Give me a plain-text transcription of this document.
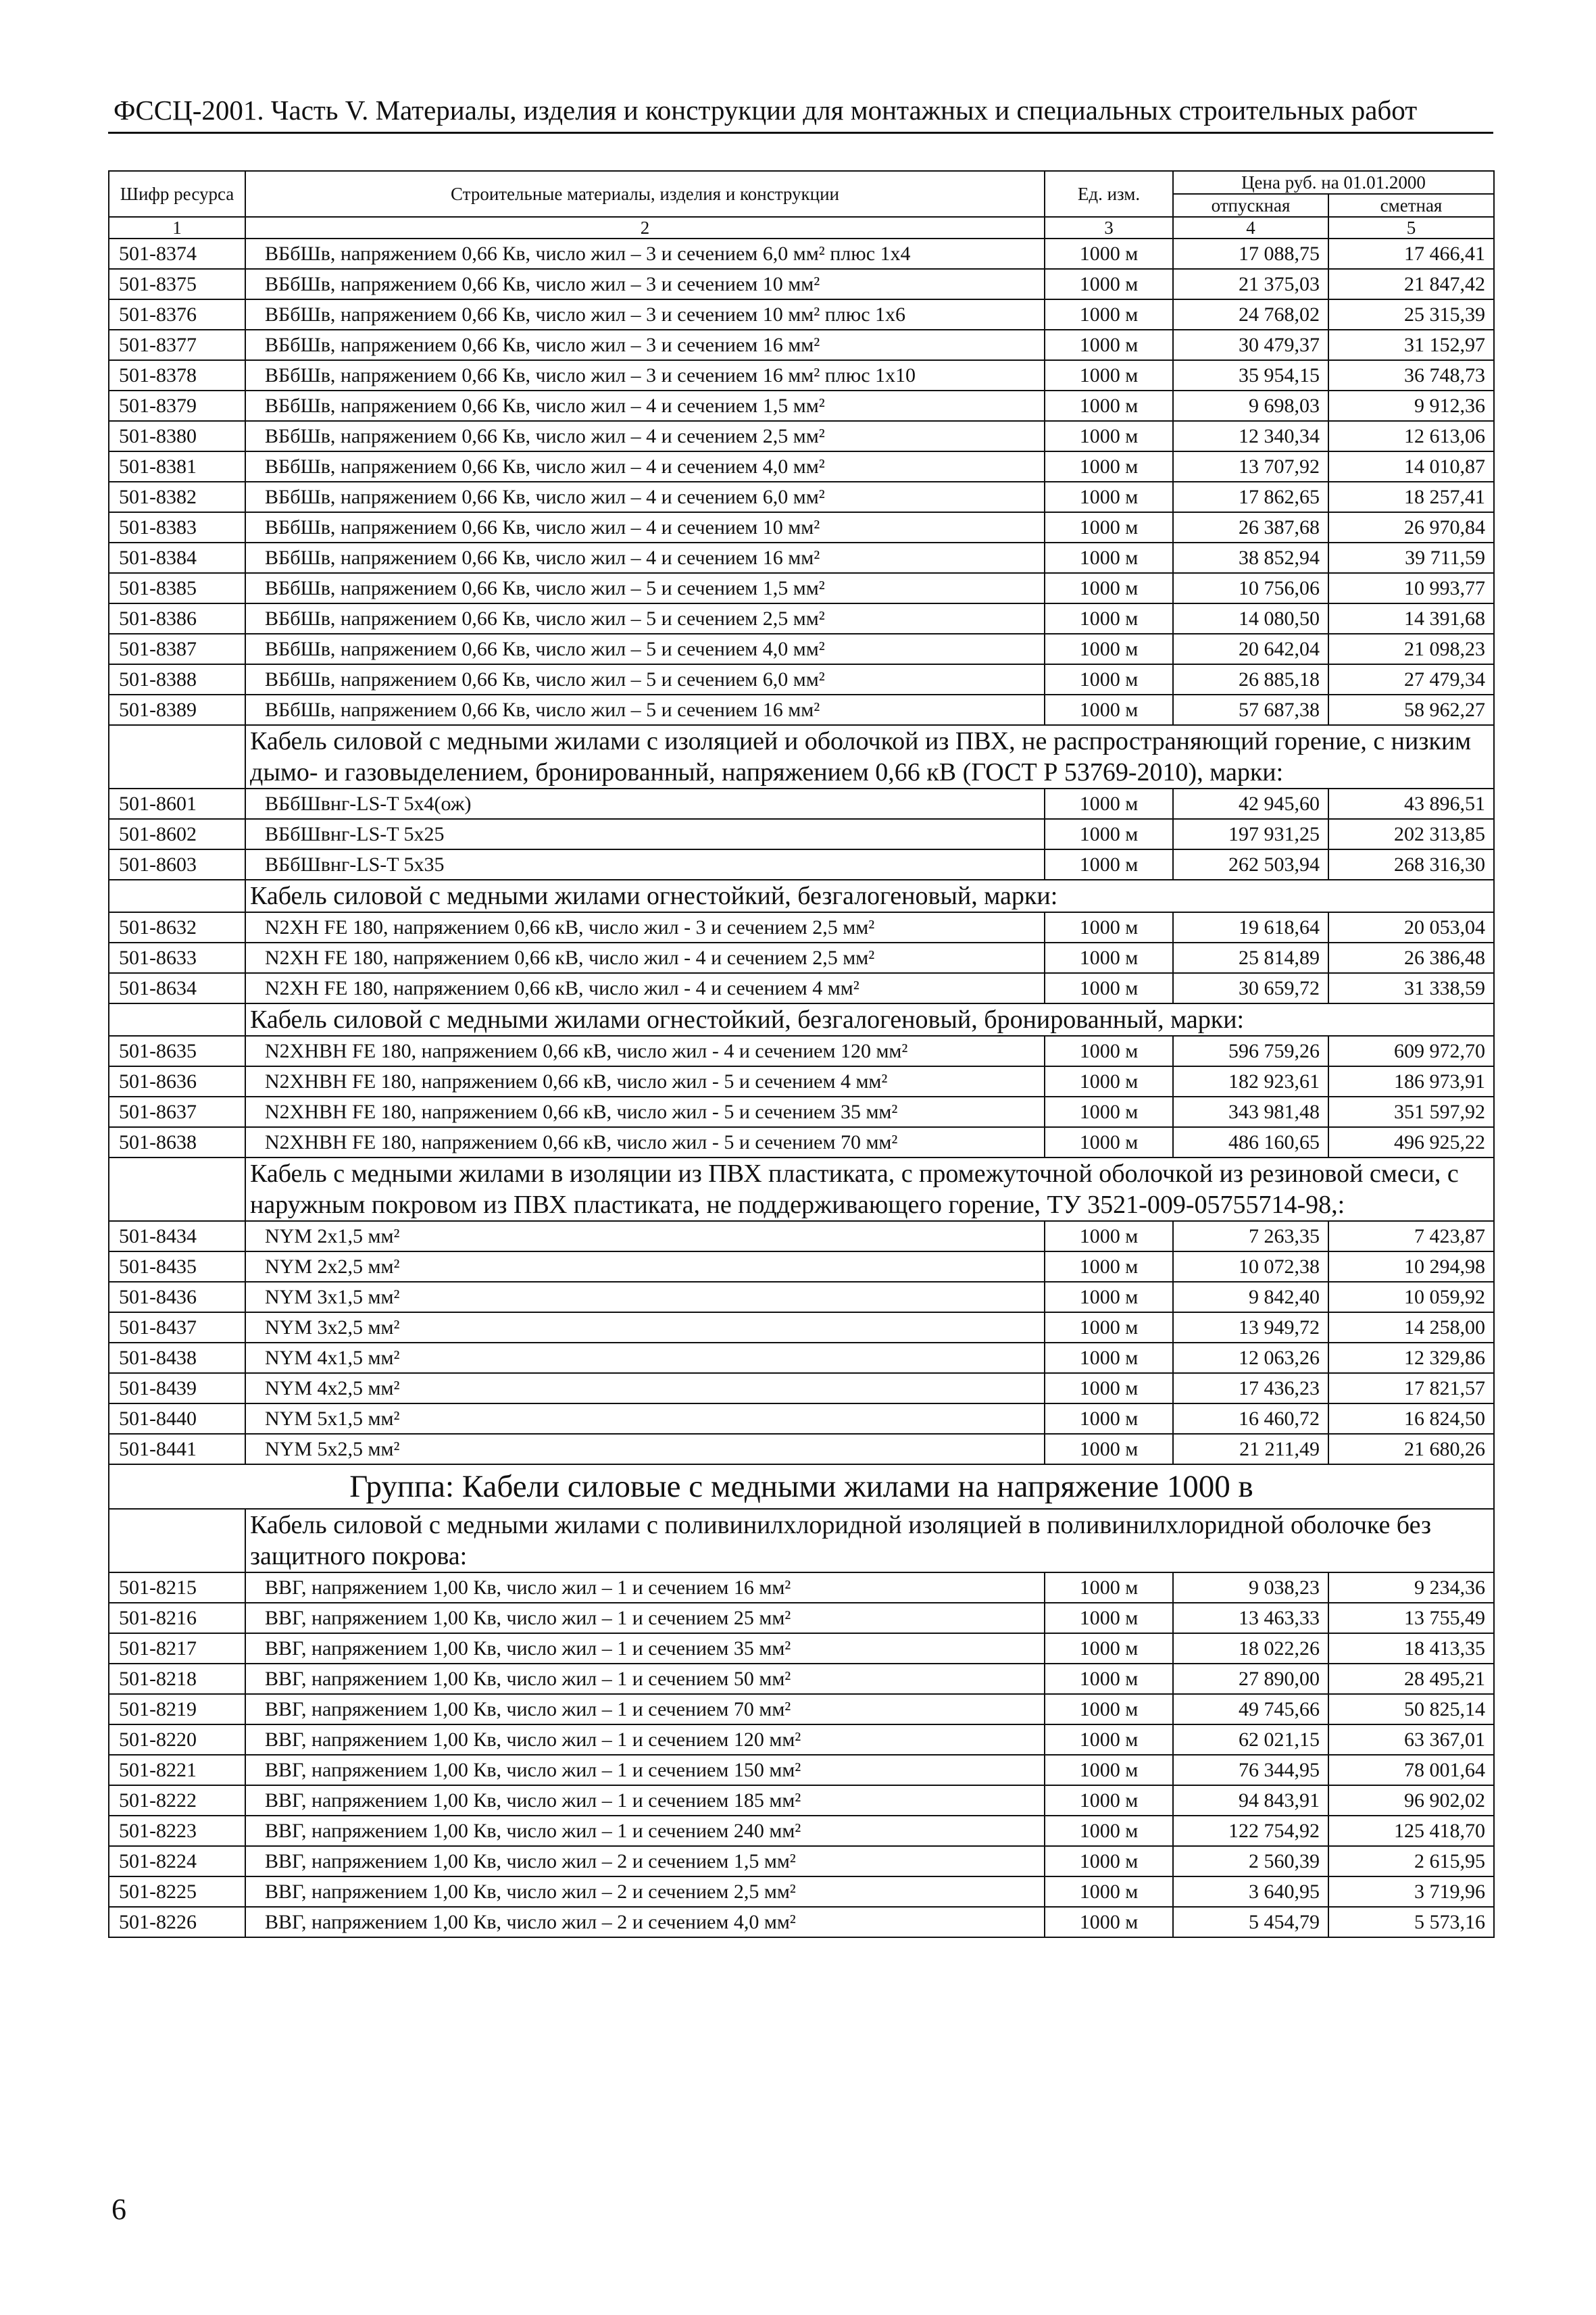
ФССЦ-2001. Часть V. Материалы, изделия и конструкции для монтажных и специальных строительных работ
Шифр ресурса	Строительные материалы, изделия и конструкции	Ед. изм.	Цена руб. на 01.01.2000	
			отпускная	сметная
1	2	3	4	5
501-8374	ВБбШв, напряжением 0,66 Кв, число жил – 3 и сечением 6,0 мм² плюс 1х4	1000 м	17 088,75	17 466,41
501-8375	ВБбШв, напряжением 0,66 Кв, число жил – 3 и сечением 10 мм²	1000 м	21 375,03	21 847,42
501-8376	ВБбШв, напряжением 0,66 Кв, число жил – 3 и сечением 10 мм² плюс 1х6	1000 м	24 768,02	25 315,39
501-8377	ВБбШв, напряжением 0,66 Кв, число жил – 3 и сечением 16 мм²	1000 м	30 479,37	31 152,97
501-8378	ВБбШв, напряжением 0,66 Кв, число жил – 3 и сечением 16 мм² плюс 1х10	1000 м	35 954,15	36 748,73
501-8379	ВБбШв, напряжением 0,66 Кв, число жил – 4 и сечением 1,5 мм²	1000 м	9 698,03	9 912,36
501-8380	ВБбШв, напряжением 0,66 Кв, число жил – 4 и сечением 2,5 мм²	1000 м	12 340,34	12 613,06
501-8381	ВБбШв, напряжением 0,66 Кв, число жил – 4 и сечением 4,0 мм²	1000 м	13 707,92	14 010,87
501-8382	ВБбШв, напряжением 0,66 Кв, число жил – 4 и сечением 6,0 мм²	1000 м	17 862,65	18 257,41
501-8383	ВБбШв, напряжением 0,66 Кв, число жил – 4 и сечением 10 мм²	1000 м	26 387,68	26 970,84
501-8384	ВБбШв, напряжением 0,66 Кв, число жил – 4 и сечением 16 мм²	1000 м	38 852,94	39 711,59
501-8385	ВБбШв, напряжением 0,66 Кв, число жил – 5 и сечением 1,5 мм²	1000 м	10 756,06	10 993,77
501-8386	ВБбШв, напряжением 0,66 Кв, число жил – 5 и сечением 2,5 мм²	1000 м	14 080,50	14 391,68
501-8387	ВБбШв, напряжением 0,66 Кв, число жил – 5 и сечением 4,0 мм²	1000 м	20 642,04	21 098,23
501-8388	ВБбШв, напряжением 0,66 Кв, число жил – 5 и сечением 6,0 мм²	1000 м	26 885,18	27 479,34
501-8389	ВБбШв, напряжением 0,66 Кв, число жил – 5 и сечением 16 мм²	1000 м	57 687,38	58 962,27
	Кабель силовой с медными жилами с изоляцией и оболочкой из ПВХ, не распространяющий горение, с низким дымо- и газовыделением, бронированный, напряжением 0,66 кВ (ГОСТ Р 53769-2010), марки:			
501-8601	ВБбШвнг-LS-T 5х4(ож)	1000 м	42 945,60	43 896,51
501-8602	ВБбШвнг-LS-T 5х25	1000 м	197 931,25	202 313,85
501-8603	ВБбШвнг-LS-T 5х35	1000 м	262 503,94	268 316,30
	Кабель силовой с медными жилами огнестойкий, безгалогеновый, марки:			
501-8632	N2XH FE 180, напряжением 0,66 кВ, число жил - 3 и сечением 2,5 мм²	1000 м	19 618,64	20 053,04
501-8633	N2XH FE 180, напряжением 0,66 кВ, число жил - 4 и сечением 2,5 мм²	1000 м	25 814,89	26 386,48
501-8634	N2XH FE 180, напряжением 0,66 кВ, число жил - 4 и сечением 4 мм²	1000 м	30 659,72	31 338,59
	Кабель силовой с медными жилами огнестойкий, безгалогеновый, бронированный, марки:			
501-8635	N2XHBH FE 180, напряжением 0,66 кВ, число жил - 4 и сечением 120 мм²	1000 м	596 759,26	609 972,70
501-8636	N2XHBH FE 180, напряжением 0,66 кВ, число жил - 5 и сечением 4 мм²	1000 м	182 923,61	186 973,91
501-8637	N2XHBH FE 180, напряжением 0,66 кВ, число жил - 5 и сечением 35 мм²	1000 м	343 981,48	351 597,92
501-8638	N2XHBH FE 180, напряжением 0,66 кВ, число жил - 5 и сечением 70 мм²	1000 м	486 160,65	496 925,22
	Кабель с медными жилами в изоляции из ПВХ пластиката, с промежуточной оболочкой из резиновой смеси, с наружным покровом из ПВХ пластиката, не поддерживающего горение, ТУ 3521-009-05755714-98,:			
501-8434	NYM 2х1,5 мм²	1000 м	7 263,35	7 423,87
501-8435	NYM 2х2,5 мм²	1000 м	10 072,38	10 294,98
501-8436	NYM 3х1,5 мм²	1000 м	9 842,40	10 059,92
501-8437	NYM 3х2,5 мм²	1000 м	13 949,72	14 258,00
501-8438	NYM 4х1,5 мм²	1000 м	12 063,26	12 329,86
501-8439	NYM 4х2,5 мм²	1000 м	17 436,23	17 821,57
501-8440	NYM 5х1,5 мм²	1000 м	16 460,72	16 824,50
501-8441	NYM 5х2,5 мм²	1000 м	21 211,49	21 680,26
Группа: Кабели силовые с медными жилами на напряжение 1000 в				
	Кабель силовой с медными жилами с поливинилхлоридной изоляцией в поливинилхлоридной оболочке без защитного покрова:			
501-8215	ВВГ, напряжением 1,00 Кв, число жил – 1 и сечением 16 мм²	1000 м	9 038,23	9 234,36
501-8216	ВВГ, напряжением 1,00 Кв, число жил – 1 и сечением 25 мм²	1000 м	13 463,33	13 755,49
501-8217	ВВГ, напряжением 1,00 Кв, число жил – 1 и сечением 35 мм²	1000 м	18 022,26	18 413,35
501-8218	ВВГ, напряжением 1,00 Кв, число жил – 1 и сечением 50 мм²	1000 м	27 890,00	28 495,21
501-8219	ВВГ, напряжением 1,00 Кв, число жил – 1 и сечением 70 мм²	1000 м	49 745,66	50 825,14
501-8220	ВВГ, напряжением 1,00 Кв, число жил – 1 и сечением 120 мм²	1000 м	62 021,15	63 367,01
501-8221	ВВГ, напряжением 1,00 Кв, число жил – 1 и сечением 150 мм²	1000 м	76 344,95	78 001,64
501-8222	ВВГ, напряжением 1,00 Кв, число жил – 1 и сечением 185 мм²	1000 м	94 843,91	96 902,02
501-8223	ВВГ, напряжением 1,00 Кв, число жил – 1 и сечением 240 мм²	1000 м	122 754,92	125 418,70
501-8224	ВВГ, напряжением 1,00 Кв, число жил – 2 и сечением 1,5 мм²	1000 м	2 560,39	2 615,95
501-8225	ВВГ, напряжением 1,00 Кв, число жил – 2 и сечением 2,5 мм²	1000 м	3 640,95	3 719,96
501-8226	ВВГ, напряжением 1,00 Кв, число жил – 2 и сечением 4,0 мм²	1000 м	5 454,79	5 573,16
6
